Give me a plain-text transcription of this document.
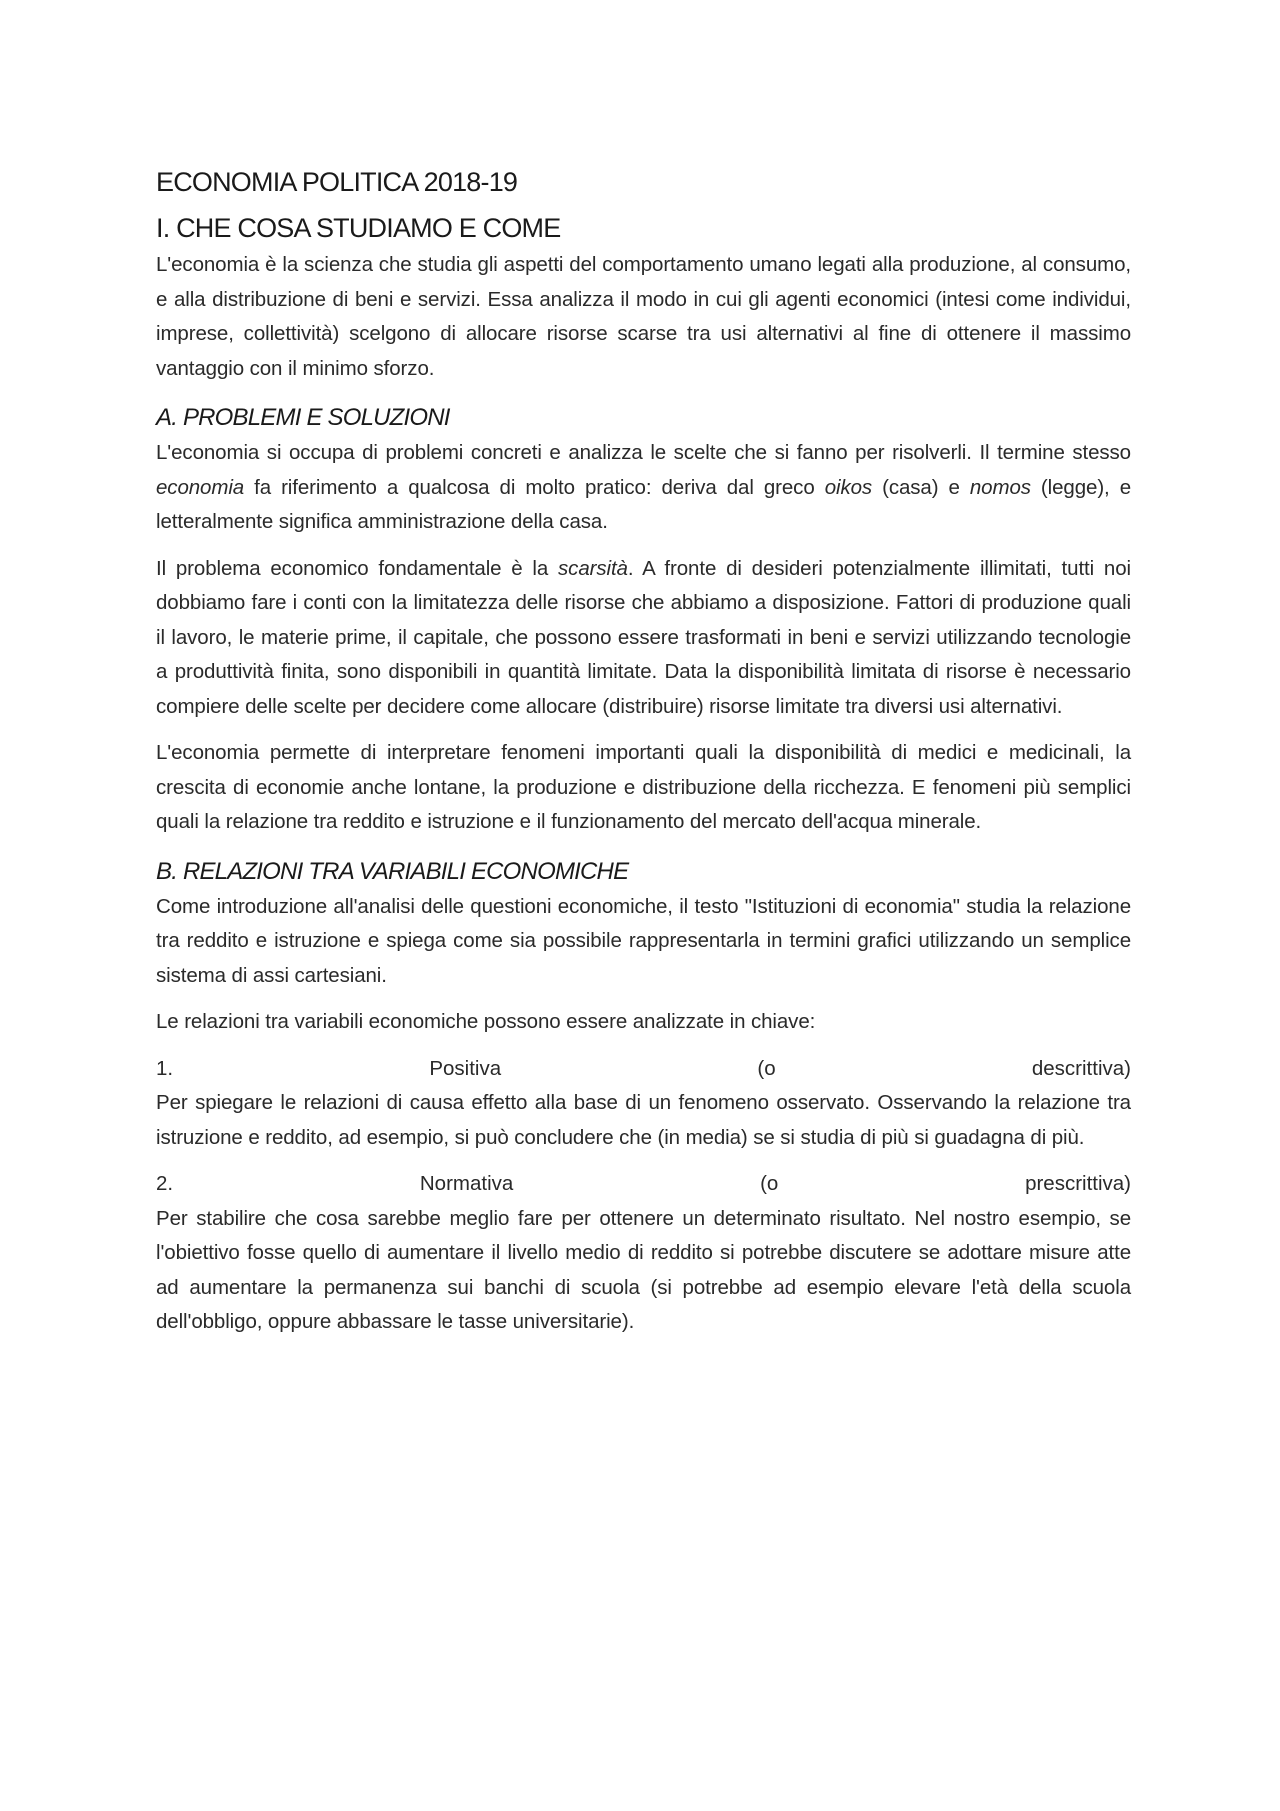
ECONOMIA POLITICA 2018-19
I. CHE COSA STUDIAMO E COME

L'economia è la scienza che studia gli aspetti del comportamento umano legati alla produzione, al consumo, e alla distribuzione di beni e servizi. Essa analizza il modo in cui gli agenti economici (intesi come individui, imprese, collettività) scelgono di allocare risorse scarse tra usi alternativi al fine di ottenere il massimo vantaggio con il minimo sforzo.

A. PROBLEMI E SOLUZIONI

L'economia si occupa di problemi concreti e analizza le scelte che si fanno per risolverli. Il termine stesso economia fa riferimento a qualcosa di molto pratico: deriva dal greco oikos (casa) e nomos (legge), e letteralmente significa amministrazione della casa.

Il problema economico fondamentale è la scarsità. A fronte di desideri potenzialmente illimitati, tutti noi dobbiamo fare i conti con la limitatezza delle risorse che abbiamo a disposizione. Fattori di produzione quali il lavoro, le materie prime, il capitale, che possono essere trasformati in beni e servizi utilizzando tecnologie a produttività finita, sono disponibili in quantità limitate. Data la disponibilità limitata di risorse è necessario compiere delle scelte per decidere come allocare (distribuire) risorse limitate tra diversi usi alternativi.

L'economia permette di interpretare fenomeni importanti quali la disponibilità di medici e medicinali, la crescita di economie anche lontane, la produzione e distribuzione della ricchezza. E fenomeni più semplici quali la relazione tra reddito e istruzione e il funzionamento del mercato dell'acqua minerale.

B. RELAZIONI TRA VARIABILI ECONOMICHE

Come introduzione all'analisi delle questioni economiche, il testo "Istituzioni di economia" studia la relazione tra reddito e istruzione e spiega come sia possibile rappresentarla in termini grafici utilizzando un semplice sistema di assi cartesiani.

Le relazioni tra variabili economiche possono essere analizzate in chiave:

1.	Positiva	(o	descrittiva)

Per spiegare le relazioni di causa effetto alla base di un fenomeno osservato. Osservando la relazione tra istruzione e reddito, ad esempio, si può concludere che (in media) se si studia di più si guadagna di più.

2.	Normativa	(o	prescrittiva)

Per stabilire che cosa sarebbe meglio fare per ottenere un determinato risultato. Nel nostro esempio, se l'obiettivo fosse quello di aumentare il livello medio di reddito si potrebbe discutere se adottare misure atte ad aumentare la permanenza sui banchi di scuola (si potrebbe ad esempio elevare l'età della scuola dell'obbligo, oppure abbassare le tasse universitarie).
